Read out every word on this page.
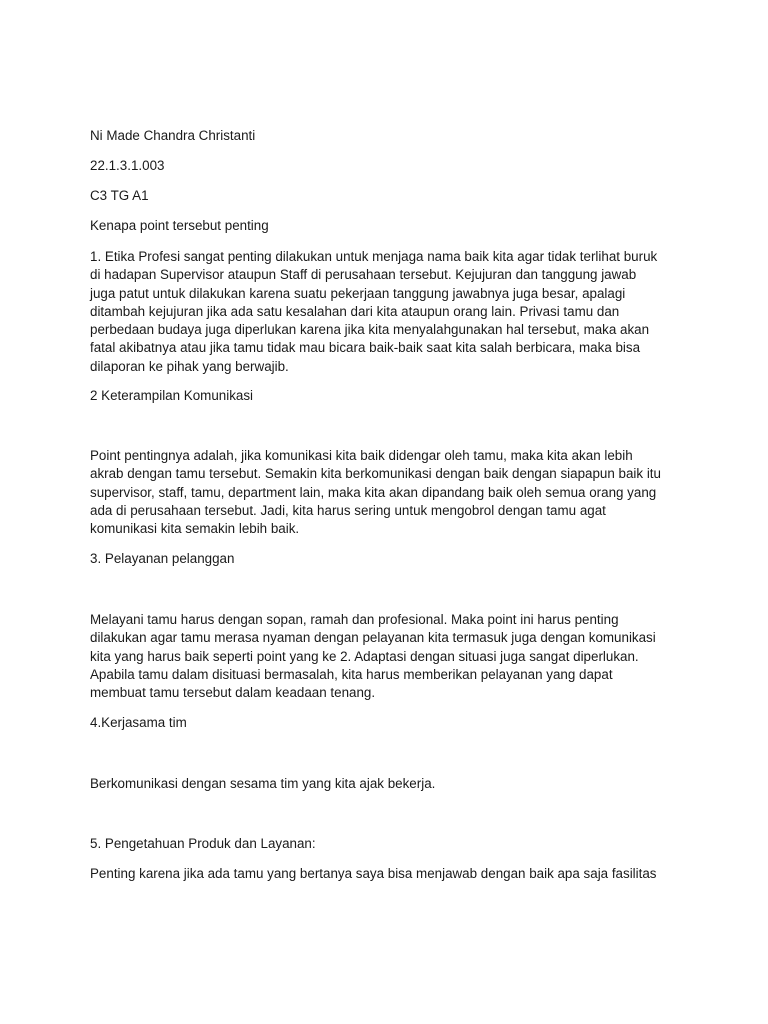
Ni Made Chandra Christanti

22.1.3.1.003

C3 TG A1

Kenapa point tersebut penting

1. Etika Profesi sangat penting dilakukan untuk menjaga nama baik kita agar tidak terlihat buruk
di hadapan Supervisor ataupun Staff di perusahaan tersebut. Kejujuran dan tanggung jawab
juga patut untuk dilakukan karena suatu pekerjaan tanggung jawabnya juga besar, apalagi
ditambah kejujuran jika ada satu kesalahan dari kita ataupun orang lain. Privasi tamu dan
perbedaan budaya juga diperlukan karena jika kita menyalahgunakan hal tersebut, maka akan
fatal akibatnya atau jika tamu tidak mau bicara baik-baik saat kita salah berbicara, maka bisa
dilaporan ke pihak yang berwajib.

2 Keterampilan Komunikasi

Point pentingnya adalah, jika komunikasi kita baik didengar oleh tamu, maka kita akan lebih
akrab dengan tamu tersebut. Semakin kita berkomunikasi dengan baik dengan siapapun baik itu
supervisor, staff, tamu, department lain, maka kita akan dipandang baik oleh semua orang yang
ada di perusahaan tersebut. Jadi, kita harus sering untuk mengobrol dengan tamu agat
komunikasi kita semakin lebih baik.

3. Pelayanan pelanggan

Melayani tamu harus dengan sopan, ramah dan profesional. Maka point ini harus penting
dilakukan agar tamu merasa nyaman dengan pelayanan kita termasuk juga dengan komunikasi
kita yang harus baik seperti point yang ke 2. Adaptasi dengan situasi juga sangat diperlukan.
Apabila tamu dalam disituasi bermasalah, kita harus memberikan pelayanan yang dapat
membuat tamu tersebut dalam keadaan tenang.

4.Kerjasama tim

Berkomunikasi dengan sesama tim yang kita ajak bekerja.

5. Pengetahuan Produk dan Layanan:

Penting karena jika ada tamu yang bertanya saya bisa menjawab dengan baik apa saja fasilitas
